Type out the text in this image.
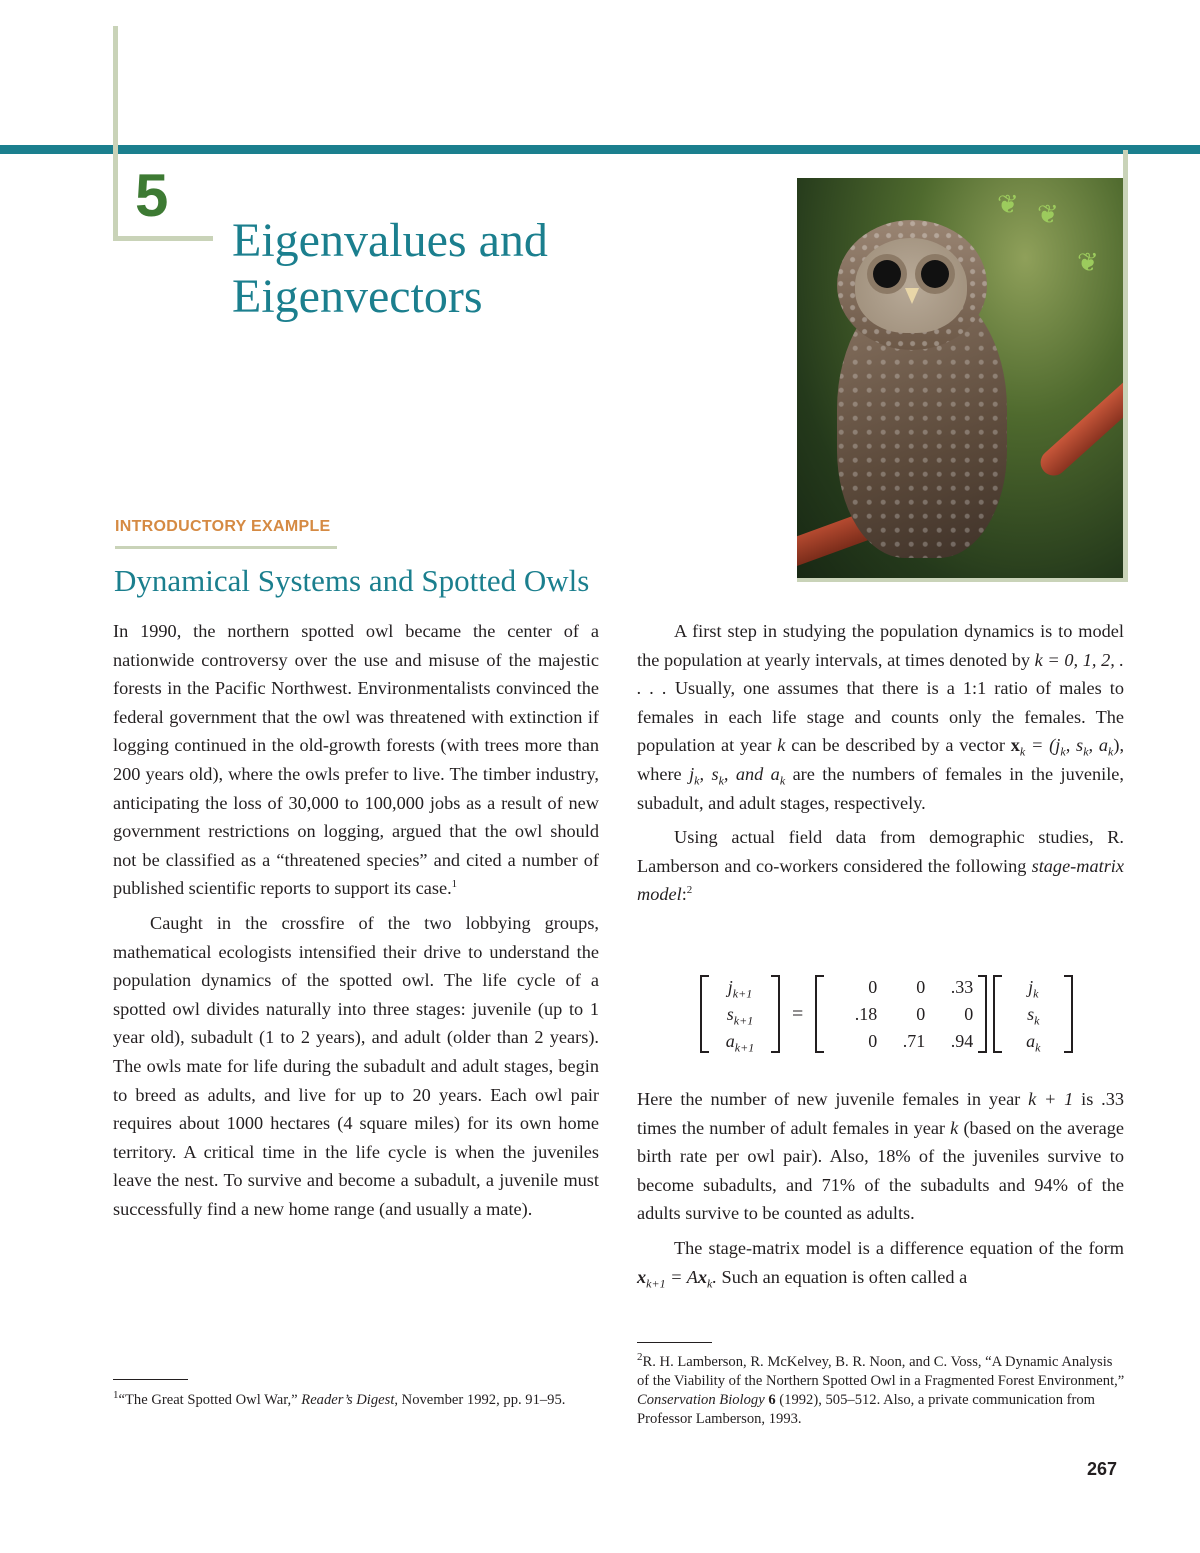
5
Eigenvalues and
Eigenvectors
❦ ❦
❦
INTRODUCTORY EXAMPLE
Dynamical Systems and Spotted Owls

In 1990, the northern spotted owl became the center of a nationwide controversy over the use and misuse of the majestic forests in the Pacific Northwest. Environmentalists convinced the federal government that the owl was threatened with extinction if logging continued in the old-growth forests (with trees more than 200 years old), where the owls prefer to live. The timber industry, anticipating the loss of 30,000 to 100,000 jobs as a result of new government restrictions on logging, argued that the owl should not be classified as a “threatened species” and cited a number of published scientific reports to support its case.$^1$

Caught in the crossfire of the two lobbying groups, mathematical ecologists intensified their drive to understand the population dynamics of the spotted owl. The life cycle of a spotted owl divides naturally into three stages: juvenile (up to 1 year old), subadult (1 to 2 years), and adult (older than 2 years). The owls mate for life during the subadult and adult stages, begin to breed as adults, and live for up to 20 years. Each owl pair requires about 1000 hectares (4 square miles) for its own home territory. A critical time in the life cycle is when the juveniles leave the nest. To survive and become a subadult, a juvenile must successfully find a new home range (and usually a mate).

A first step in studying the population dynamics is to model the population at yearly intervals, at times denoted by k = 0, 1, 2, . . . . Usually, one assumes that there is a 1:1 ratio of males to females in each life stage and counts only the females. The population at year k can be described by a vector $x_k = (j_k$, $s_k$, $a_k$), where $j_k$, $s_k$, and $a_k$ are the numbers of females in the juvenile, subadult, and adult stages, respectively.

Using actual field data from demographic studies, R. Lamberson and co-workers considered the following stage-matrix model:$^2$

$j_{k+1}$
$s_{k+1}$
$a_{k+1}$
=
0	0	.33
.18	0	0
0	.71	.94
$j_k$
$s_k$
$a_k$

Here the number of new juvenile females in year k + 1 is .33 times the number of adult females in year k (based on the average birth rate per owl pair). Also, 18% of the juveniles survive to become subadults, and 71% of the subadults and 94% of the adults survive to be counted as adults.

The stage-matrix model is a difference equation of the form $x_{k+1} = Ax_k$. Such an equation is often called a

$^1$“The Great Spotted Owl War,” Reader’s Digest, November 1992, pp. 91–95.
$^2$R. H. Lamberson, R. McKelvey, B. R. Noon, and C. Voss, “A Dynamic Analysis of the Viability of the Northern Spotted Owl in a Fragmented Forest Environment,” Conservation Biology 6 (1992), 505–512. Also, a private communication from Professor Lamberson, 1993.
267
